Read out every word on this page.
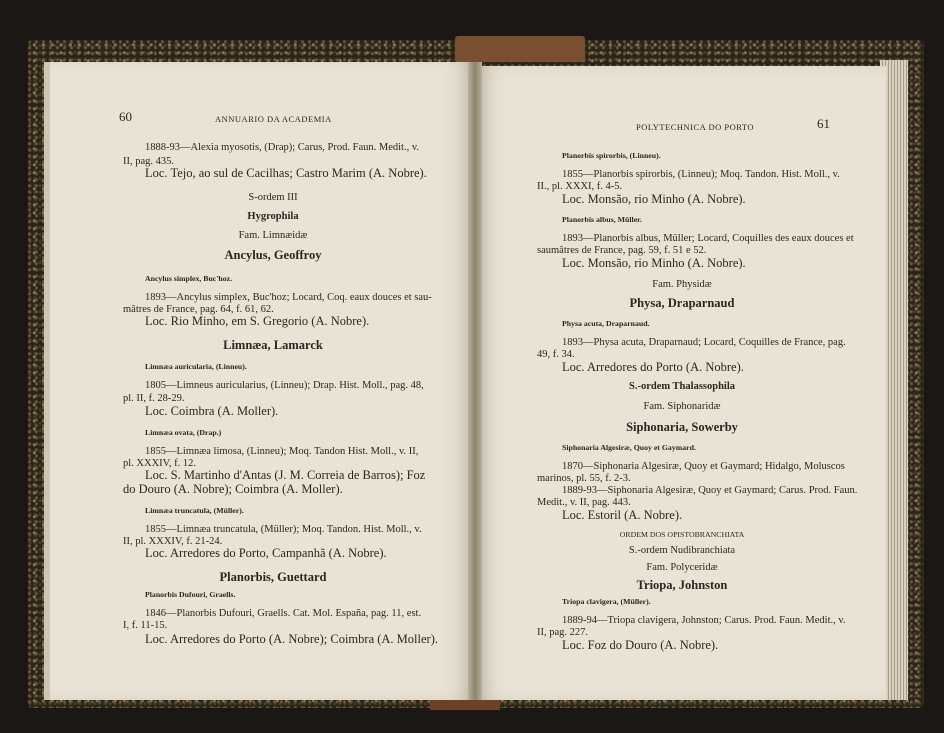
60	ANNUARIO DA ACADEMIA
1888-93—Alexia myosotis, (Drap); Carus, Prod. Faun. Medit., v.
II, pag. 435.
Loc. Tejo, ao sul de Cacilhas; Castro Marim (A. Nobre).
S-ordem III
Hygrophila
Fam. Limnæidæ
Ancylus, Geoffroy
Ancylus simplex, Buc'hoz.
1893—Ancylus simplex, Buc'hoz; Locard, Coq. eaux douces et sau-
mâtres de France, pag. 64, f. 61, 62.
Loc. Rio Minho, em S. Gregorio (A. Nobre).
Limnæa, Lamarck
Limnæa auricularia, (Linneu).
1805—Limneus auricularius, (Linneu); Drap. Hist. Moll., pag. 48,
pl. II, f. 28-29.
Loc. Coimbra (A. Moller).
Limnæa ovata, (Drap.)
1855—Limnæa limosa, (Linneu); Moq. Tandon Hist. Moll., v. II,
pl. XXXIV, f. 12.
Loc. S. Martinho d'Antas (J. M. Correia de Barros); Foz
do Douro (A. Nobre); Coimbra (A. Moller).
Limnæa truncatula, (Müller).
1855—Limnæa truncatula, (Müller); Moq. Tandon. Hist. Moll., v.
II, pl. XXXIV, f. 21-24.
Loc. Arredores do Porto, Campanhã (A. Nobre).
Planorbis, Guettard
Planorbis Dufouri, Graells.
1846—Planorbis Dufouri, Graells. Cat. Mol. España, pag. 11, est.
I, f. 11-15.
Loc. Arredores do Porto (A. Nobre); Coimbra (A. Moller).
POLYTECHNICA DO PORTO	61
Planorbis spirorbis, (Linneu).
1855—Planorbis spirorbis, (Linneu); Moq. Tandon. Hist. Moll., v.
II., pl. XXXI, f. 4-5.
Loc. Monsão, rio Minho (A. Nobre).
Planorbis albus, Müller.
1893—Planorbis albus, Müller; Locard, Coquilles des eaux douces et
saumâtres de France, pag. 59, f. 51 e 52.
Loc. Monsão, rio Minho (A. Nobre).
Fam. Physidæ
Physa, Draparnaud
Physa acuta, Draparnaud.
1893—Physa acuta, Draparnaud; Locard, Coquilles de France, pag.
49, f. 34.
Loc. Arredores do Porto (A. Nobre).
S.-ordem Thalassophila
Fam. Siphonaridæ
Siphonaria, Sowerby
Siphonaria Algesiræ, Quoy et Gaymard.
1870—Siphonaria Algesiræ, Quoy et Gaymard; Hidalgo, Moluscos
marinos, pl. 55, f. 2-3.
1889-93—Siphonaria Algesiræ, Quoy et Gaymard; Carus. Prod. Faun.
Medit., v. II, pag. 443.
Loc. Estoril (A. Nobre).
ORDEM DOS OPISTOBRANCHIATA
S.-ordem Nudibranchiata
Fam. Polyceridæ
Triopa, Johnston
Triopa clavigera, (Müller).
1889-94—Triopa clavigera, Johnston; Carus. Prod. Faun. Medit., v.
II, pag. 227.
Loc. Foz do Douro (A. Nobre).
